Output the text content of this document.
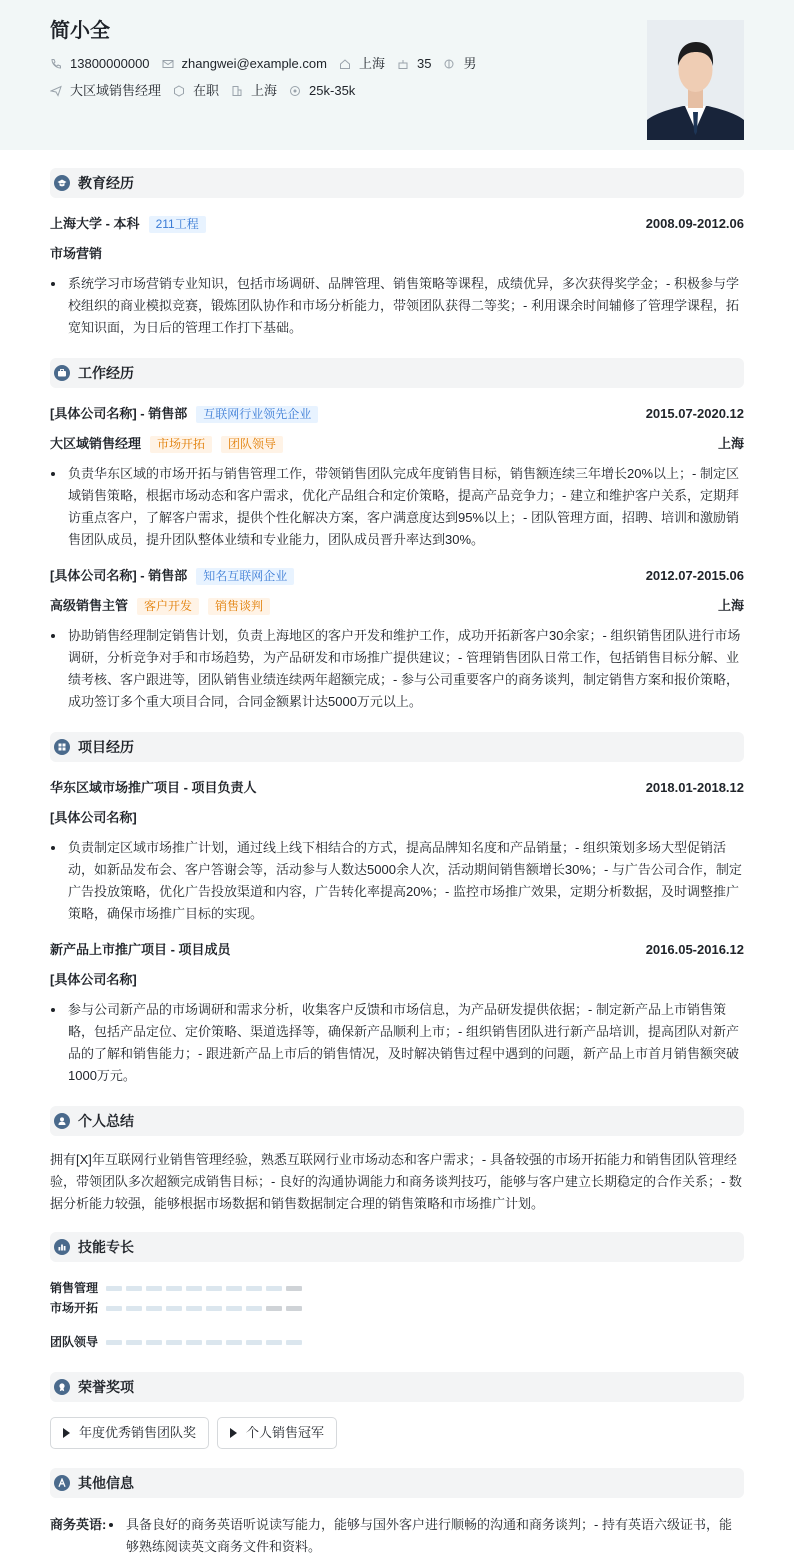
简小全
13800000000 zhangwei@example.com 上海 35 男
大区域销售经理 在职 上海 25k-35k
教育经历
上海大学 - 本科	211工程	2008.09-2012.06
市场营销
系统学习市场营销专业知识，包括市场调研、品牌管理、销售策略等课程，成绩优异，多次获得奖学金；- 积极参与学校组织的商业模拟竞赛，锻炼团队协作和市场分析能力，带领团队获得二等奖；- 利用课余时间辅修了管理学课程，拓宽知识面，为日后的管理工作打下基础。
工作经历
[具体公司名称] - 销售部	互联网行业领先企业	2015.07-2020.12
大区域销售经理	市场开拓	团队领导	上海
负责华东区域的市场开拓与销售管理工作，带领销售团队完成年度销售目标，销售额连续三年增长20%以上；- 制定区域销售策略，根据市场动态和客户需求，优化产品组合和定价策略，提高产品竞争力；- 建立和维护客户关系，定期拜访重点客户，了解客户需求，提供个性化解决方案，客户满意度达到95%以上；- 团队管理方面，招聘、培训和激励销售团队成员，提升团队整体业绩和专业能力，团队成员晋升率达到30%。
[具体公司名称] - 销售部	知名互联网企业	2012.07-2015.06
高级销售主管	客户开发	销售谈判	上海
协助销售经理制定销售计划，负责上海地区的客户开发和维护工作，成功开拓新客户30余家；- 组织销售团队进行市场调研，分析竞争对手和市场趋势，为产品研发和市场推广提供建议；- 管理销售团队日常工作，包括销售目标分解、业绩考核、客户跟进等，团队销售业绩连续两年超额完成；- 参与公司重要客户的商务谈判，制定销售方案和报价策略，成功签订多个重大项目合同，合同金额累计达5000万元以上。
项目经历
华东区域市场推广项目 - 项目负责人	2018.01-2018.12
[具体公司名称]
负责制定区域市场推广计划，通过线上线下相结合的方式，提高品牌知名度和产品销量；- 组织策划多场大型促销活动，如新品发布会、客户答谢会等，活动参与人数达5000余人次，活动期间销售额增长30%；- 与广告公司合作，制定广告投放策略，优化广告投放渠道和内容，广告转化率提高20%；- 监控市场推广效果，定期分析数据，及时调整推广策略，确保市场推广目标的实现。
新产品上市推广项目 - 项目成员	2016.05-2016.12
[具体公司名称]
参与公司新产品的市场调研和需求分析，收集客户反馈和市场信息，为产品研发提供依据；- 制定新产品上市销售策略，包括产品定位、定价策略、渠道选择等，确保新产品顺利上市；- 组织销售团队进行新产品培训，提高团队对新产品的了解和销售能力；- 跟进新产品上市后的销售情况，及时解决销售过程中遇到的问题，新产品上市首月销售额突破1000万元。
个人总结
拥有[X]年互联网行业销售管理经验，熟悉互联网行业市场动态和客户需求；- 具备较强的市场开拓能力和销售团队管理经验，带领团队多次超额完成销售目标；- 良好的沟通协调能力和商务谈判技巧，能够与客户建立长期稳定的合作关系；- 数据分析能力较强，能够根据市场数据和销售数据制定合理的销售策略和市场推广计划。
技能专长
销售管理
市场开拓
团队领导
荣誉奖项
年度优秀销售团队奖	个人销售冠军
其他信息
商务英语: 具备良好的商务英语听说读写能力，能够与国外客户进行顺畅的沟通和商务谈判；- 持有英语六级证书，能够熟练阅读英文商务文件和资料。
